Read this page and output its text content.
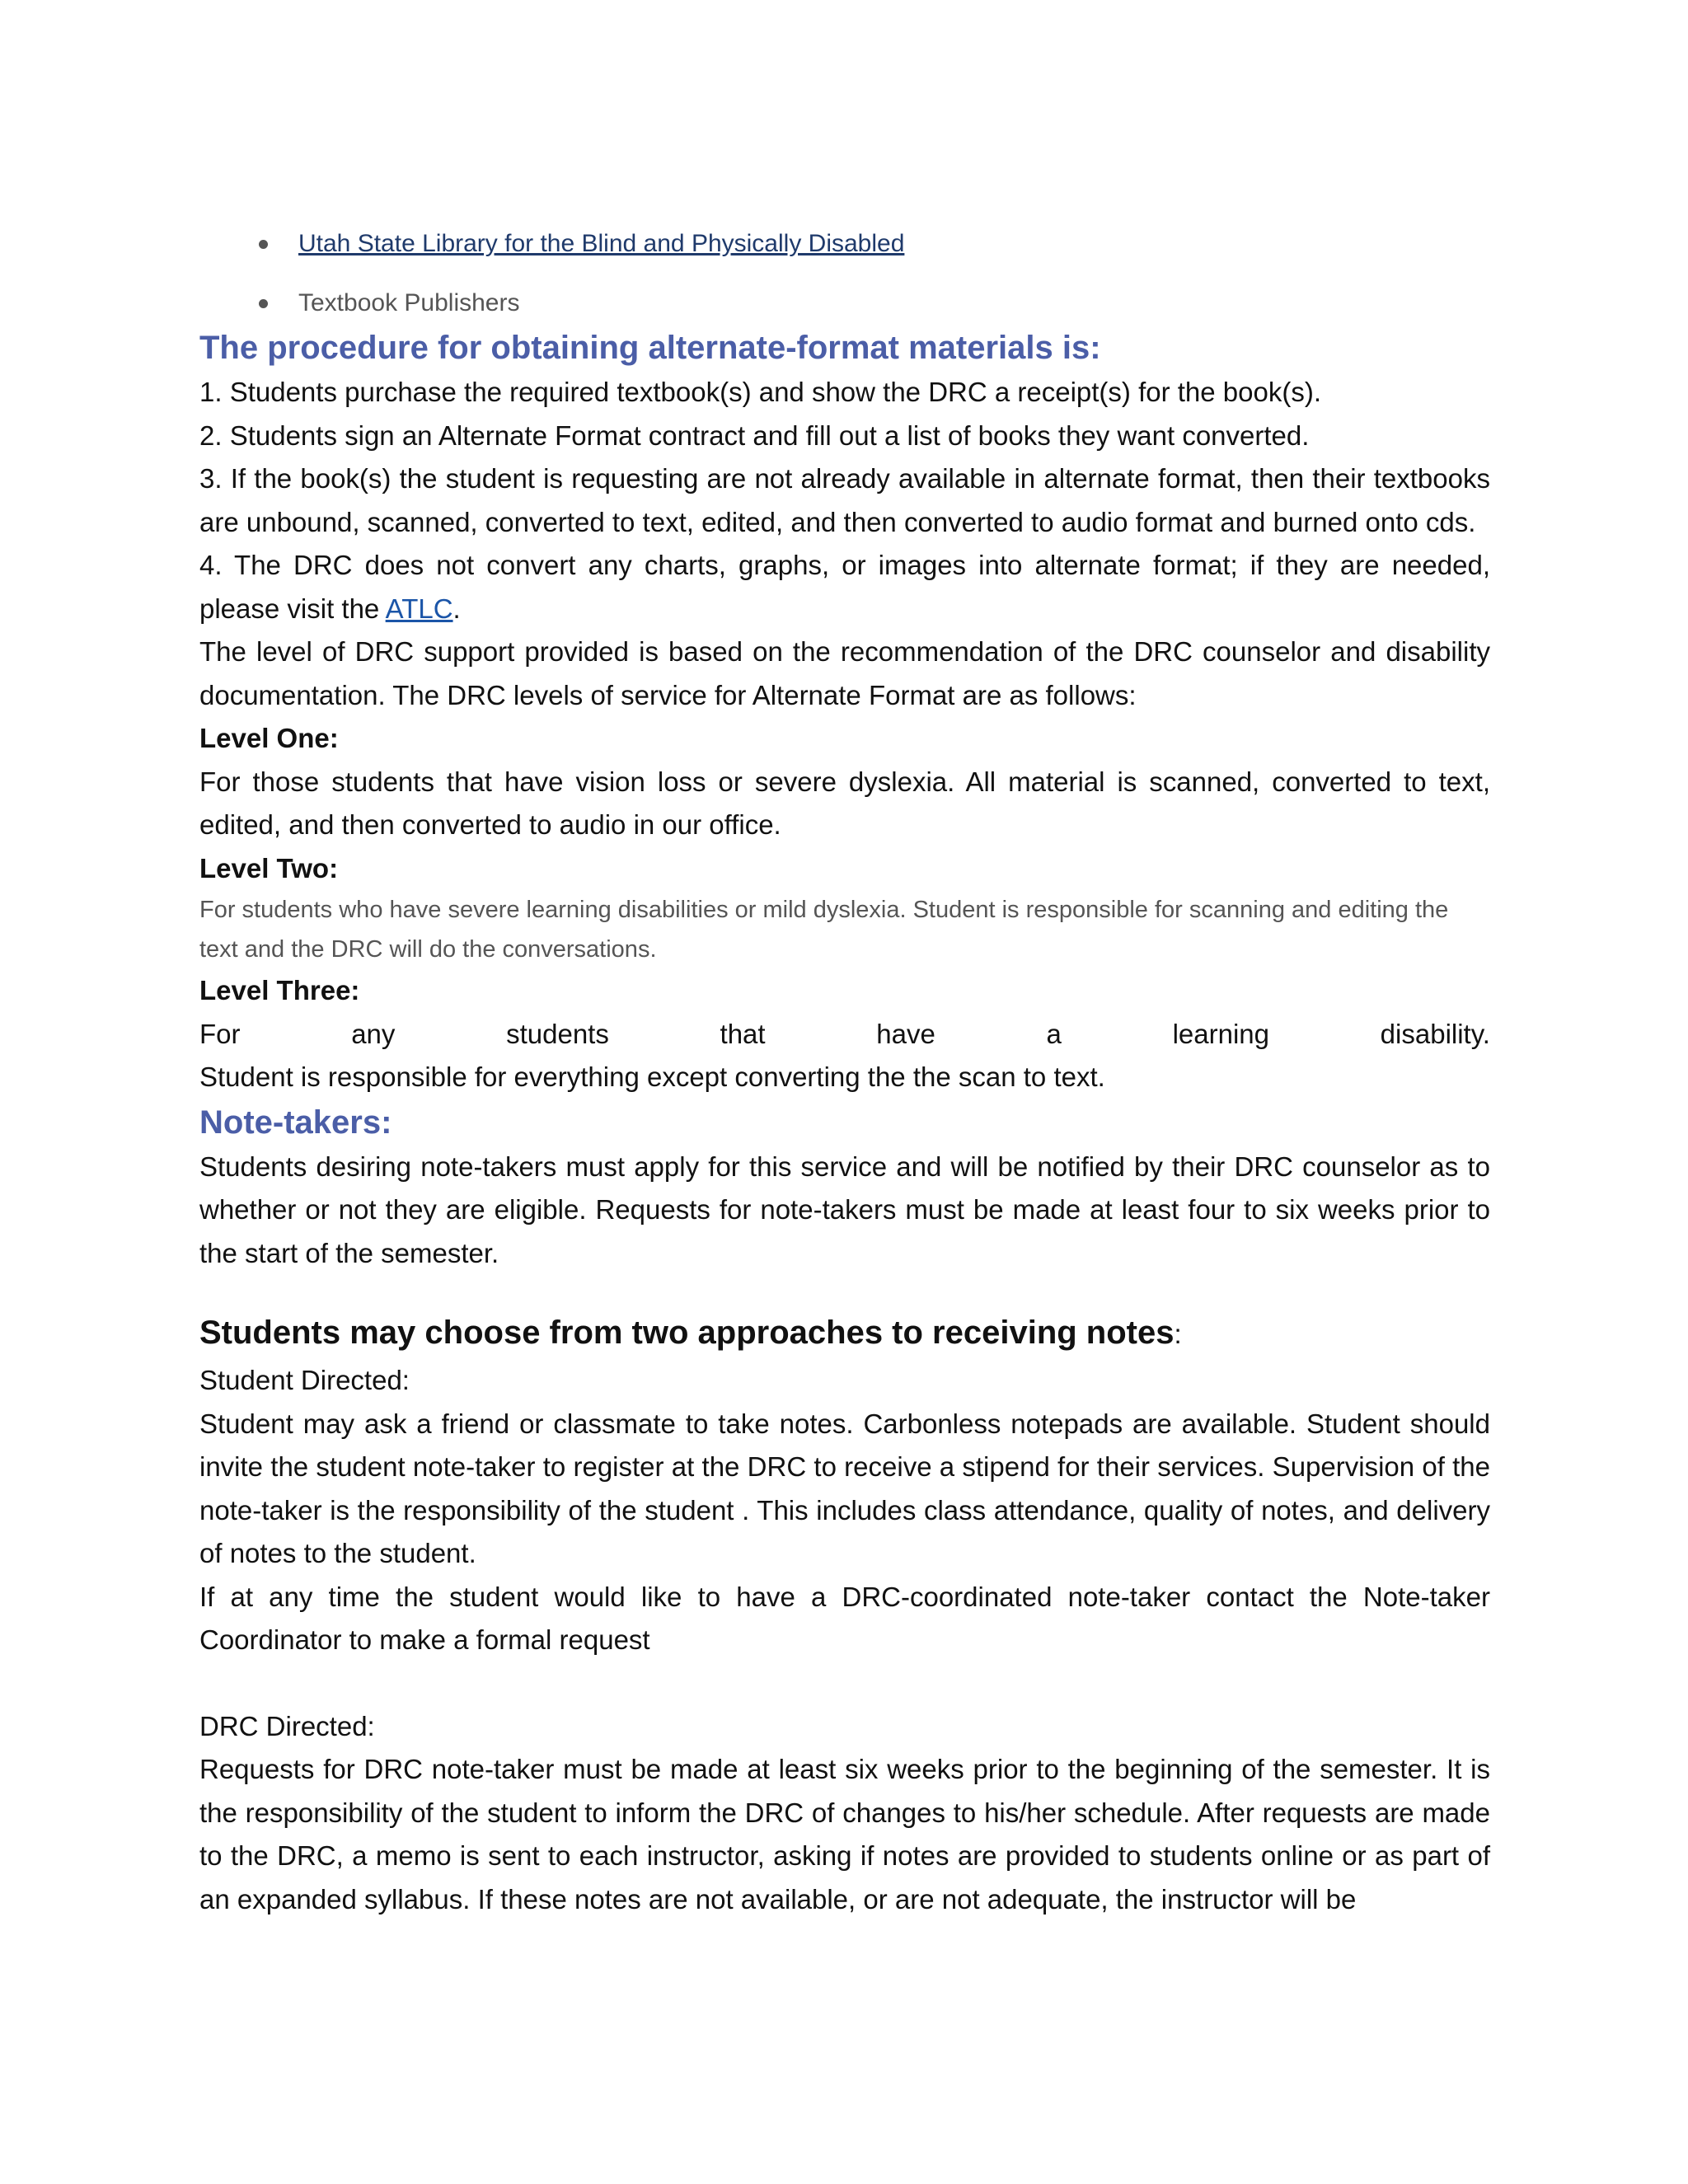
Utah State Library for the Blind and Physically Disabled
Textbook Publishers
The procedure for obtaining alternate-format materials is:

1. Students purchase the required textbook(s) and show the DRC a receipt(s) for the book(s).

2. Students sign an Alternate Format contract and fill out a list of books they want converted.

3. If the book(s) the student is requesting are not already available in alternate format, then their textbooks are unbound, scanned, converted to text, edited, and then converted to audio format and burned onto cds.

4. The DRC does not convert any charts, graphs, or images into alternate format; if they are needed, please visit the ATLC.

The level of DRC support provided is based on the recommendation of the DRC counselor and disability documentation. The DRC levels of service for Alternate Format are as follows:

Level One:

For those students that have vision loss or severe dyslexia. All material is scanned, converted to text, edited, and then converted to audio in our office.

Level Two:

For students who have severe learning disabilities or mild dyslexia. Student is responsible for scanning and editing the text and the DRC will do the conversations.

Level Three:
For	any	students	that	have	a	learning	disability.

Student is responsible for everything except converting the the scan to text.

Note-takers:

Students desiring note-takers must apply for this service and will be notified by their DRC counselor as to whether or not they are eligible. Requests for note-takers must be made at least four to six weeks prior to the start of the semester.

Students may choose from two approaches to receiving notes:

Student Directed:

Student may ask a friend or classmate to take notes. Carbonless notepads are available. Student should invite the student note-taker to register at the DRC to receive a stipend for their services. Supervision of the note-taker is the responsibility of the student . This includes class attendance, quality of notes, and delivery of notes to the student.

If at any time the student would like to have a DRC-coordinated note-taker contact the Note-taker Coordinator to make a formal request

DRC Directed:

Requests for DRC note-taker must be made at least six weeks prior to the beginning of the semester. It is the responsibility of the student to inform the DRC of changes to his/her schedule. After requests are made to the DRC, a memo is sent to each instructor, asking if notes are provided to students online or as part of an expanded syllabus. If these notes are not available, or are not adequate, the instructor will be
